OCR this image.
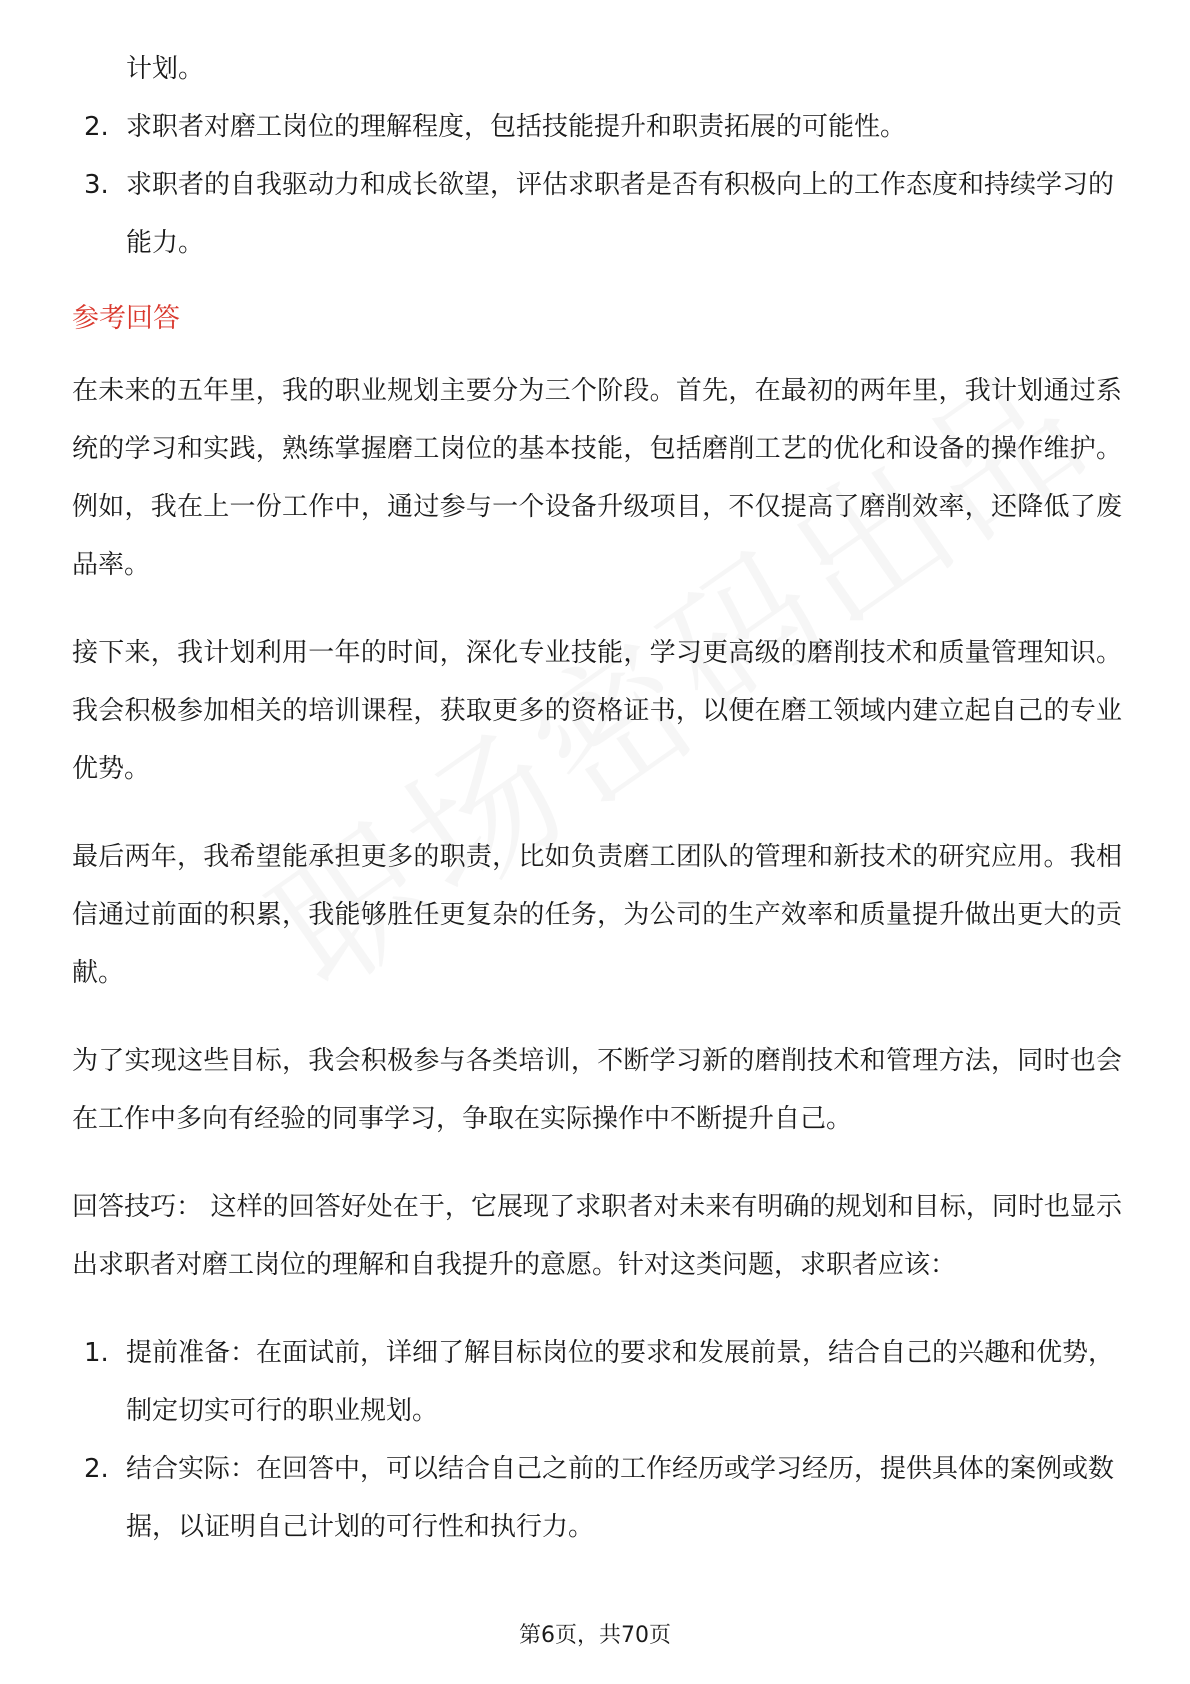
计划。

2. 求职者对磨工岗位的理解程度，包括技能提升和职责拓展的可能性。
3. 求职者的自我驱动力和成长欲望，评估求职者是否有积极向上的工作态度和持续学习的能力。
参考回答

在未来的五年里，我的职业规划主要分为三个阶段。首先，在最初的两年里，我计划通过系统的学习和实践，熟练掌握磨工岗位的基本技能，包括磨削工艺的优化和设备的操作维护。例如，我在上一份工作中，通过参与一个设备升级项目，不仅提高了磨削效率，还降低了废品率。

接下来，我计划利用一年的时间，深化专业技能，学习更高级的磨削技术和质量管理知识。我会积极参加相关的培训课程，获取更多的资格证书，以便在磨工领域内建立起自己的专业优势。

最后两年，我希望能承担更多的职责，比如负责磨工团队的管理和新技术的研究应用。我相信通过前面的积累，我能够胜任更复杂的任务，为公司的生产效率和质量提升做出更大的贡献。

为了实现这些目标，我会积极参与各类培训，不断学习新的磨削技术和管理方法，同时也会在工作中多向有经验的同事学习，争取在实际操作中不断提升自己。

回答技巧： 这样的回答好处在于，它展现了求职者对未来有明确的规划和目标，同时也显示出求职者对磨工岗位的理解和自我提升的意愿。针对这类问题，求职者应该：

1. 提前准备：在面试前，详细了解目标岗位的要求和发展前景，结合自己的兴趣和优势，制定切实可行的职业规划。
2. 结合实际：在回答中，可以结合自己之前的工作经历或学习经历，提供具体的案例或数据，以证明自己计划的可行性和执行力。
第6页，共70页
